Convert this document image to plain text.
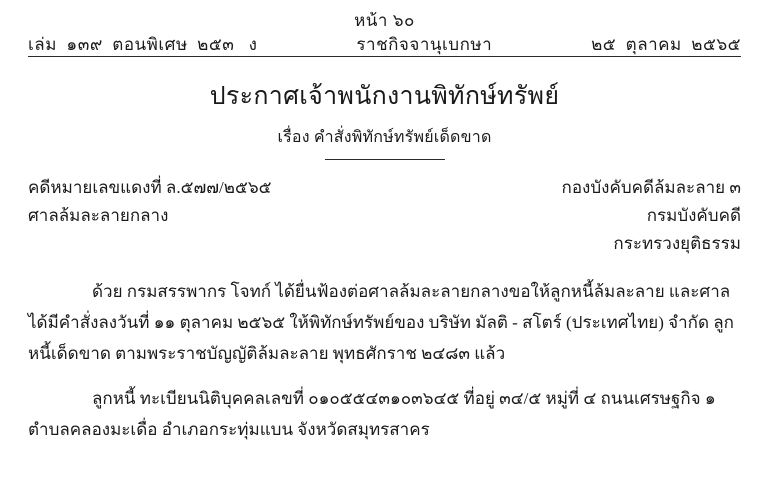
หน้า ๖๐
เล่ม  ๑๓๙  ตอนพิเศษ  ๒๕๓   ง	ราชกิจจานุเบกษา	๒๕  ตุลาคม  ๒๕๖๕
ประกาศเจ้าพนักงานพิทักษ์ทรัพย์
เรื่อง คำสั่งพิทักษ์ทรัพย์เด็ดขาด
คดีหมายเลขแดงที่ ล.๕๗๗/๒๕๖๕
ศาลล้มละลายกลาง
กองบังคับคดีล้มละลาย ๓
กรมบังคับคดี
กระทรวงยุติธรรม

ด้วย กรมสรรพากร โจทก์ ได้ยื่นฟ้องต่อศาลล้มละลายกลางขอให้ลูกหนี้ล้มละลาย และศาลได้มีคำสั่งลงวันที่ ๑๑ ตุลาคม ๒๕๖๕ ให้พิทักษ์ทรัพย์ของ บริษัท มัลติ - สโตร์ (ประเทศไทย) จำกัด ลูกหนี้เด็ดขาด ตามพระราชบัญญัติล้มละลาย พุทธศักราช ๒๔๘๓ แล้ว

ลูกหนี้ ทะเบียนนิติบุคคลเลขที่ ๐๑๐๕๕๔๓๑๐๓๖๔๕ ที่อยู่ ๓๔/๕ หมู่ที่ ๔ ถนนเศรษฐกิจ ๑ ตำบลคลองมะเดื่อ อำเภอกระทุ่มแบน จังหวัดสมุทรสาคร
